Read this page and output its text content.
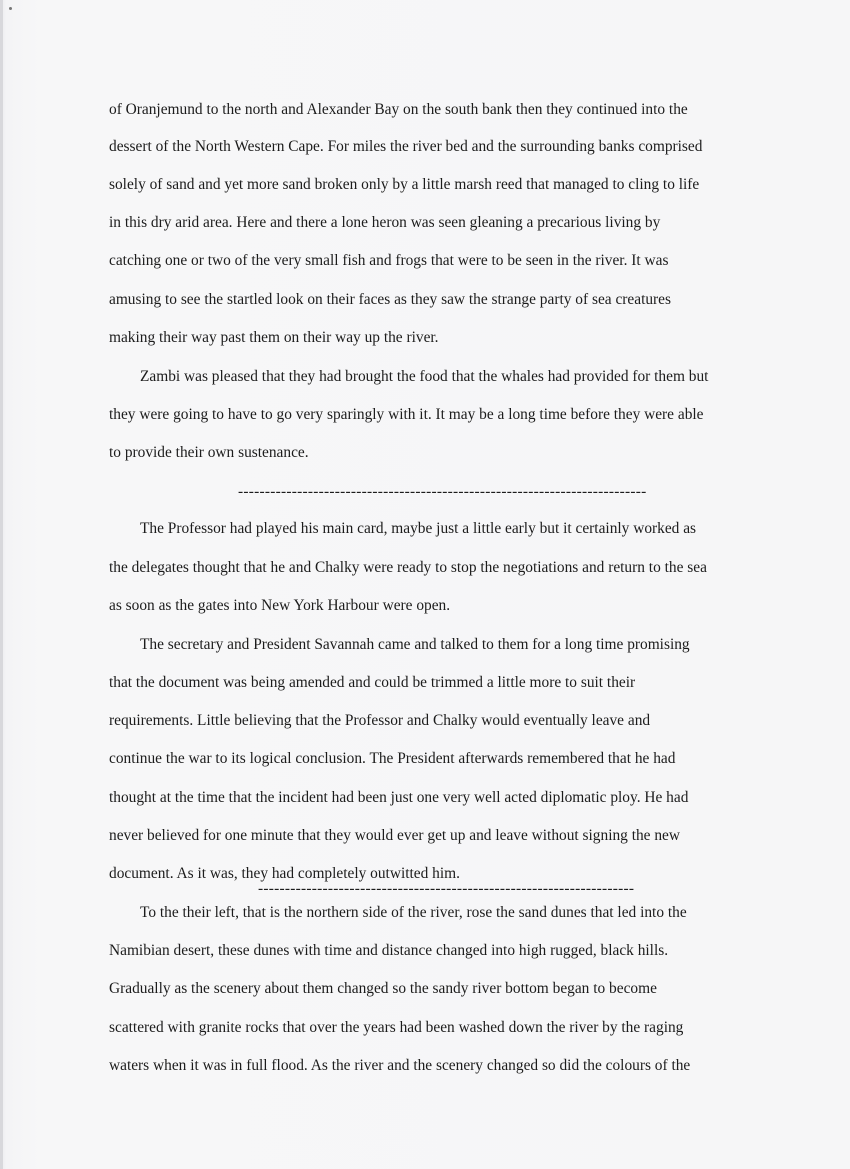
of Oranjemund to the north and Alexander Bay on the south bank then they continued into the

dessert of the North Western Cape. For miles the river bed and the surrounding banks comprised

solely of sand and yet more sand broken only by a little marsh reed that managed to cling to life

in this dry arid area. Here and there a lone heron was seen gleaning a precarious living by

catching one or two of the very small fish and frogs that were to be seen in the river. It was

amusing to see the startled look on their faces as they saw the strange party of sea creatures

making their way past them on their way up the river.

Zambi was pleased that they had brought the food that the whales had provided for them but

they were going to have to go very sparingly with it. It may be a long time before they were able

to provide their own sustenance.

----------------------------------------------------------------------------

The Professor had played his main card, maybe just a little early but it certainly worked as

the delegates thought that he and Chalky were ready to stop the negotiations and return to the sea

as soon as the gates into New York Harbour were open.

The secretary and President Savannah came and talked to them for a long time promising

that the document was being amended and could be trimmed a little more to suit their

requirements. Little believing that the Professor and Chalky would eventually leave and

continue the war to its logical conclusion. The President afterwards remembered that he had

thought at the time that the incident had been just one very well acted diplomatic ploy. He had

never believed for one minute that they would ever get up and leave without signing the new

document. As it was, they had completely outwitted him.

----------------------------------------------------------------------

To the their left, that is the northern side of the river, rose the sand dunes that led into the

Namibian desert, these dunes with time and distance changed into high rugged, black hills.

Gradually as the scenery about them changed so the sandy river bottom began to become

scattered with granite rocks that over the years had been washed down the river by the raging

waters when it was in full flood. As the river and the scenery changed so did the colours of the
